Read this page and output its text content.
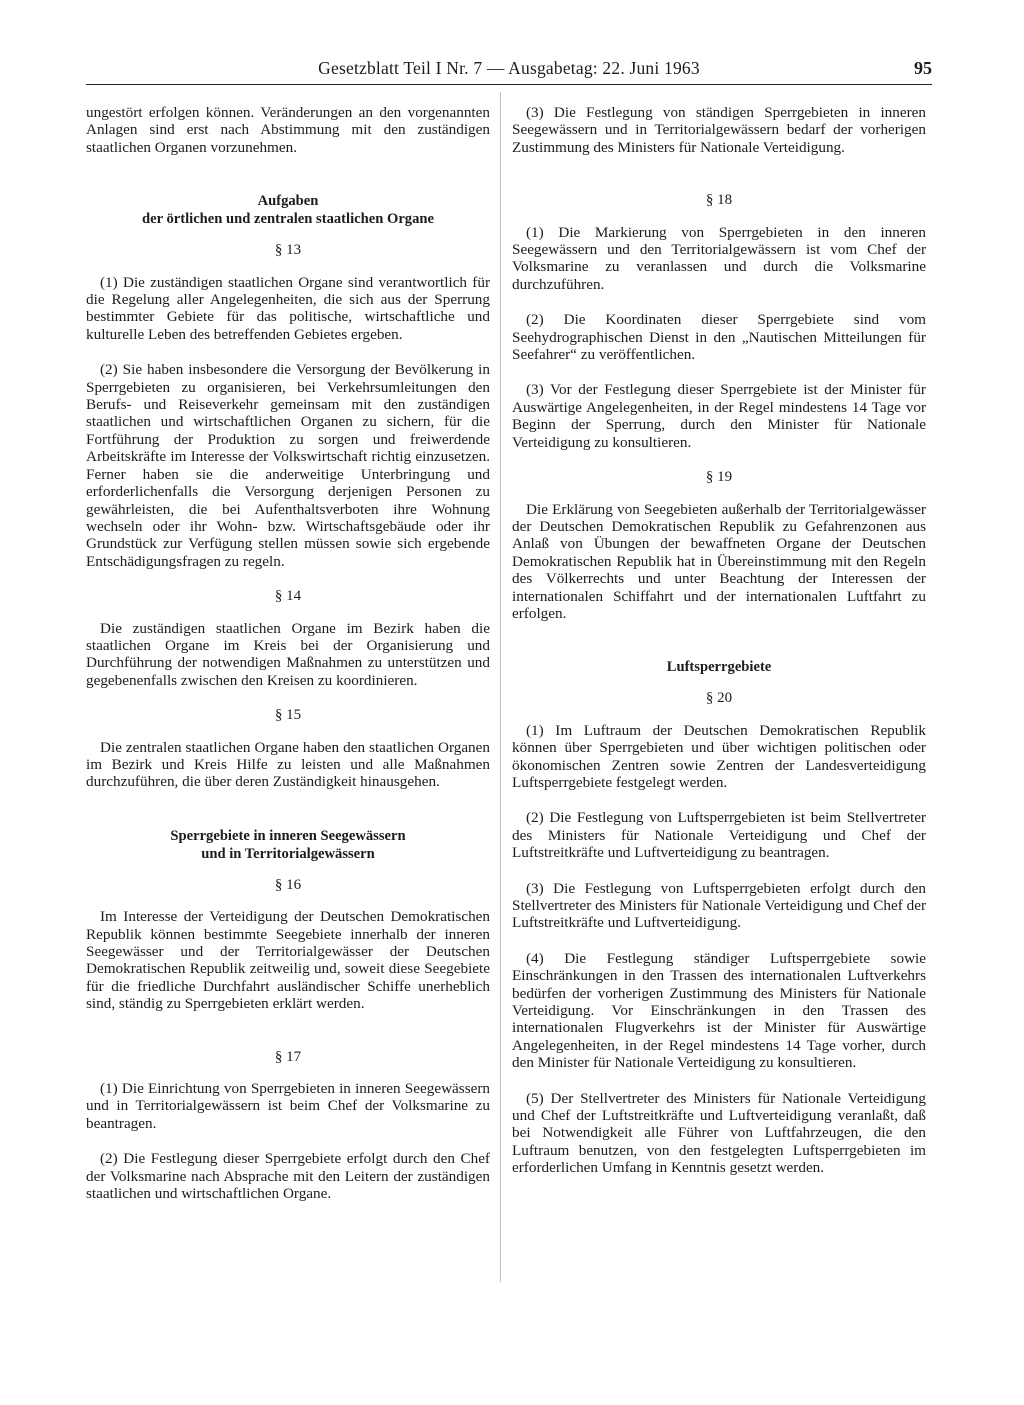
Gesetzblatt Teil I Nr. 7 — Ausgabetag: 22. Juni 1963	95

ungestört erfolgen können. Veränderungen an den vorgenannten Anlagen sind erst nach Abstimmung mit den zuständigen staatlichen Organen vorzunehmen.

Aufgaben

der örtlichen und zentralen staatlichen Organe

§ 13

(1) Die zuständigen staatlichen Organe sind verantwortlich für die Regelung aller Angelegenheiten, die sich aus der Sperrung bestimmter Gebiete für das politische, wirtschaftliche und kulturelle Leben des betreffenden Gebietes ergeben.

(2) Sie haben insbesondere die Versorgung der Bevölkerung in Sperrgebieten zu organisieren, bei Verkehrsumleitungen den Berufs- und Reiseverkehr gemeinsam mit den zuständigen staatlichen und wirtschaftlichen Organen zu sichern, für die Fortführung der Produktion zu sorgen und freiwerdende Arbeitskräfte im Interesse der Volkswirtschaft richtig einzusetzen. Ferner haben sie die anderweitige Unterbringung und erforderlichenfalls die Versorgung derjenigen Personen zu gewährleisten, die bei Aufenthaltsverboten ihre Wohnung wechseln oder ihr Wohn- bzw. Wirtschaftsgebäude oder ihr Grundstück zur Verfügung stellen müssen sowie sich ergebende Entschädigungsfragen zu regeln.

§ 14

Die zuständigen staatlichen Organe im Bezirk haben die staatlichen Organe im Kreis bei der Organisierung und Durchführung der notwendigen Maßnahmen zu unterstützen und gegebenenfalls zwischen den Kreisen zu koordinieren.

§ 15

Die zentralen staatlichen Organe haben den staatlichen Organen im Bezirk und Kreis Hilfe zu leisten und alle Maßnahmen durchzuführen, die über deren Zuständigkeit hinausgehen.

Sperrgebiete in inneren Seegewässern

und in Territorialgewässern

§ 16

Im Interesse der Verteidigung der Deutschen Demokratischen Republik können bestimmte Seegebiete innerhalb der inneren Seegewässer und der Territorialgewässer der Deutschen Demokratischen Republik zeitweilig und, soweit diese Seegebiete für die friedliche Durchfahrt ausländischer Schiffe unerheblich sind, ständig zu Sperrgebieten erklärt werden.

§ 17

(1) Die Einrichtung von Sperrgebieten in inneren Seegewässern und in Territorialgewässern ist beim Chef der Volksmarine zu beantragen.

(2) Die Festlegung dieser Sperrgebiete erfolgt durch den Chef der Volksmarine nach Absprache mit den Leitern der zuständigen staatlichen und wirtschaftlichen Organe.

(3) Die Festlegung von ständigen Sperrgebieten in inneren Seegewässern und in Territorialgewässern bedarf der vorherigen Zustimmung des Ministers für Nationale Verteidigung.

§ 18

(1) Die Markierung von Sperrgebieten in den inneren Seegewässern und den Territorialgewässern ist vom Chef der Volksmarine zu veranlassen und durch die Volksmarine durchzuführen.

(2) Die Koordinaten dieser Sperrgebiete sind vom Seehydrographischen Dienst in den „Nautischen Mitteilungen für Seefahrer“ zu veröffentlichen.

(3) Vor der Festlegung dieser Sperrgebiete ist der Minister für Auswärtige Angelegenheiten, in der Regel mindestens 14 Tage vor Beginn der Sperrung, durch den Minister für Nationale Verteidigung zu konsultieren.

§ 19

Die Erklärung von Seegebieten außerhalb der Territorialgewässer der Deutschen Demokratischen Republik zu Gefahrenzonen aus Anlaß von Übungen der bewaffneten Organe der Deutschen Demokratischen Republik hat in Übereinstimmung mit den Regeln des Völkerrechts und unter Beachtung der Interessen der internationalen Schiffahrt und der internationalen Luftfahrt zu erfolgen.

Luftsperrgebiete

§ 20

(1) Im Luftraum der Deutschen Demokratischen Republik können über Sperrgebieten und über wichtigen politischen oder ökonomischen Zentren sowie Zentren der Landesverteidigung Luftsperrgebiete festgelegt werden.

(2) Die Festlegung von Luftsperrgebieten ist beim Stellvertreter des Ministers für Nationale Verteidigung und Chef der Luftstreitkräfte und Luftverteidigung zu beantragen.

(3) Die Festlegung von Luftsperrgebieten erfolgt durch den Stellvertreter des Ministers für Nationale Verteidigung und Chef der Luftstreitkräfte und Luftverteidigung.

(4) Die Festlegung ständiger Luftsperrgebiete sowie Einschränkungen in den Trassen des internationalen Luftverkehrs bedürfen der vorherigen Zustimmung des Ministers für Nationale Verteidigung. Vor Einschränkungen in den Trassen des internationalen Flugverkehrs ist der Minister für Auswärtige Angelegenheiten, in der Regel mindestens 14 Tage vorher, durch den Minister für Nationale Verteidigung zu konsultieren.

(5) Der Stellvertreter des Ministers für Nationale Verteidigung und Chef der Luftstreitkräfte und Luftverteidigung veranlaßt, daß bei Notwendigkeit alle Führer von Luftfahrzeugen, die den Luftraum benutzen, von den festgelegten Luftsperrgebieten im erforderlichen Umfang in Kenntnis gesetzt werden.
